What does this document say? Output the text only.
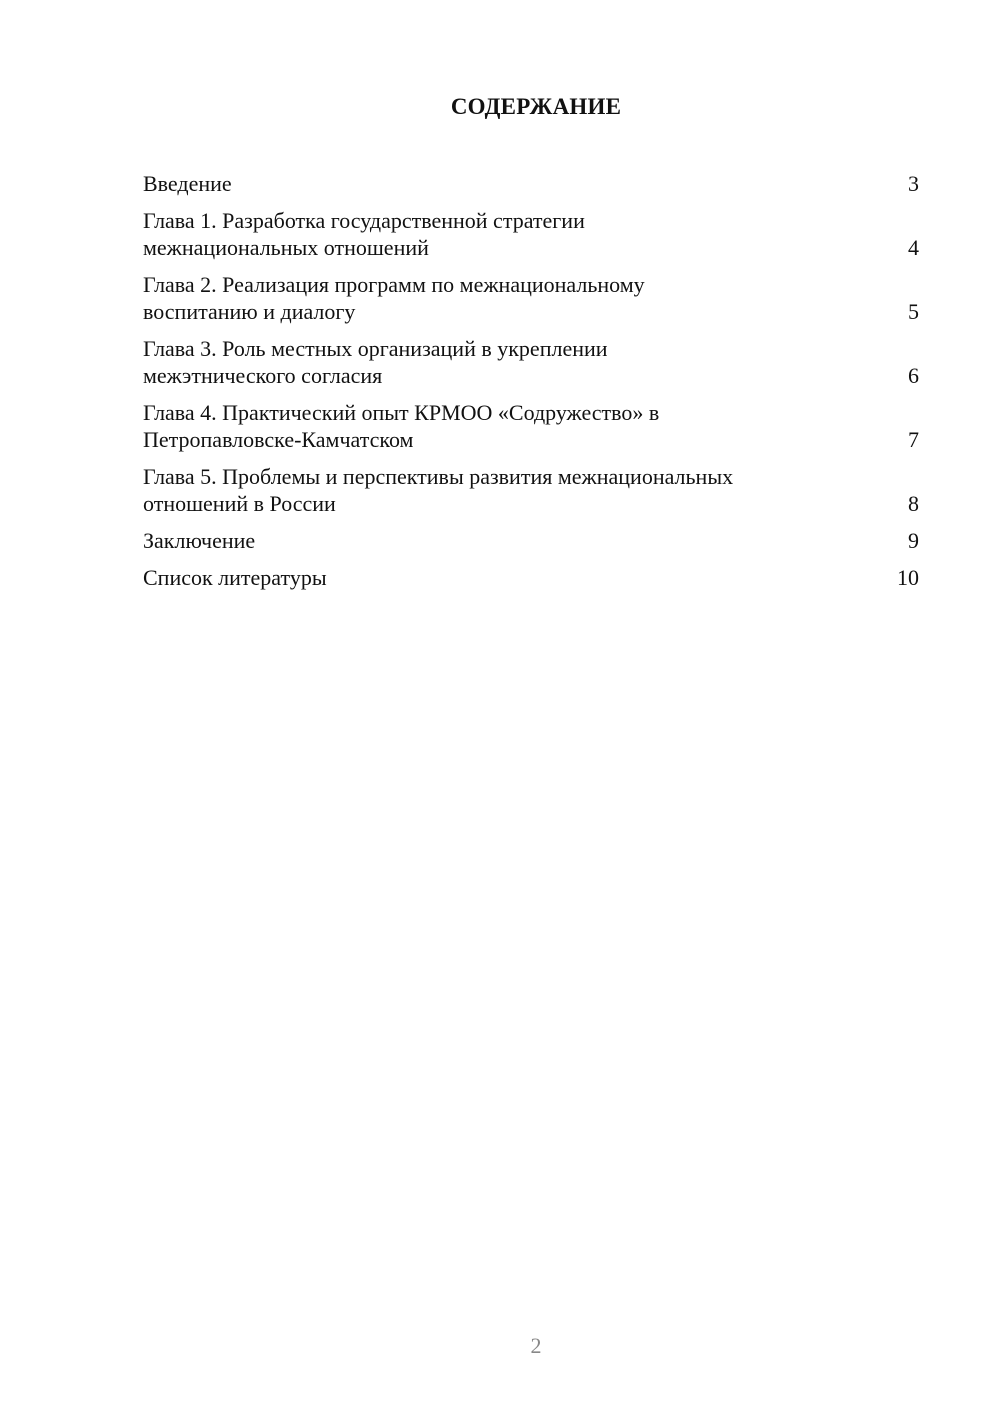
СОДЕРЖАНИЕ
Введение	3
Глава 1. Разработка государственной стратегии
межнациональных отношений	4
Глава 2. Реализация программ по межнациональному
воспитанию и диалогу	5
Глава 3. Роль местных организаций в укреплении
межэтнического согласия	6
Глава 4. Практический опыт КРМОО «Содружество» в
Петропавловске-Камчатском	7
Глава 5. Проблемы и перспективы развития межнациональных
отношений в России	8
Заключение	9
Список литературы	10
2
